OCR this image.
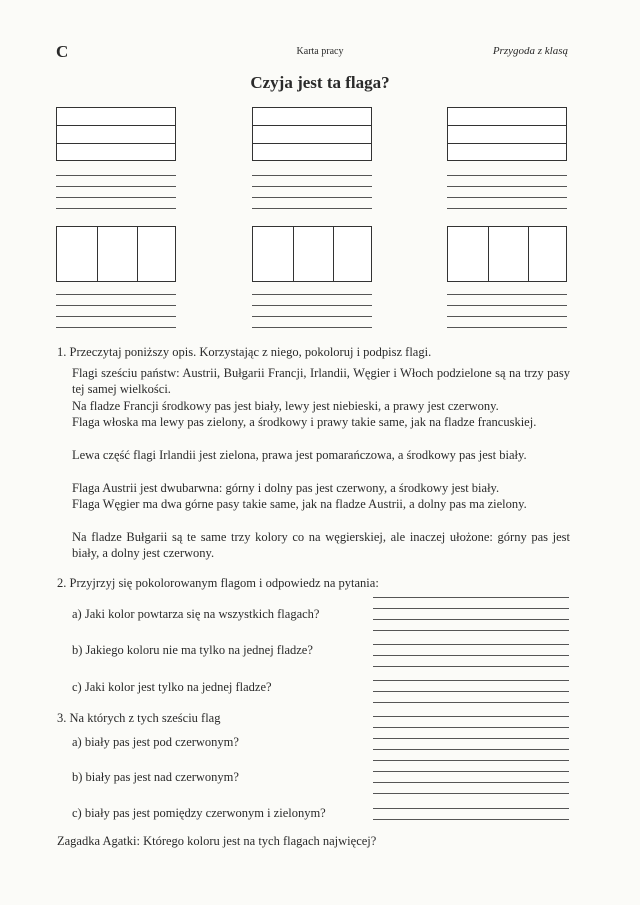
C	Karta pracy	Przygoda z klasą
Czyja jest ta flaga?
1. Przeczytaj poniższy opis. Korzystając z niego, pokoloruj i podpisz flagi.
Flagi sześciu państw: Austrii, Bułgarii Francji, Irlandii, Węgier i Włoch podzielone są na trzy pasy tej samej wielkości.
Na fladze Francji środkowy pas jest biały, lewy jest niebieski, a prawy jest czerwony.
Flaga włoska ma lewy pas zielony, a środkowy i prawy takie same, jak na fladze francuskiej.
Lewa część flagi Irlandii jest zielona, prawa jest pomarańczowa, a środkowy pas jest biały.
Flaga Austrii jest dwubarwna: górny i dolny pas jest czerwony, a środkowy jest biały.
Flaga Węgier ma dwa górne pasy takie same, jak na fladze Austrii, a dolny pas ma zielony.
Na fladze Bułgarii są te same trzy kolory co na węgierskiej, ale inaczej ułożone: górny pas jest biały, a dolny jest czerwony.
2. Przyjrzyj się pokolorowanym flagom i odpowiedz na pytania:
a) Jaki kolor powtarza się na wszystkich flagach?
b) Jakiego koloru nie ma tylko na jednej fladze?
c) Jaki kolor jest tylko na jednej fladze?
3. Na których z tych sześciu flag
a) biały pas jest pod czerwonym?
b) biały pas jest nad czerwonym?
c) biały pas jest pomiędzy czerwonym i zielonym?
Zagadka Agatki: Którego koloru jest na tych flagach najwięcej?
